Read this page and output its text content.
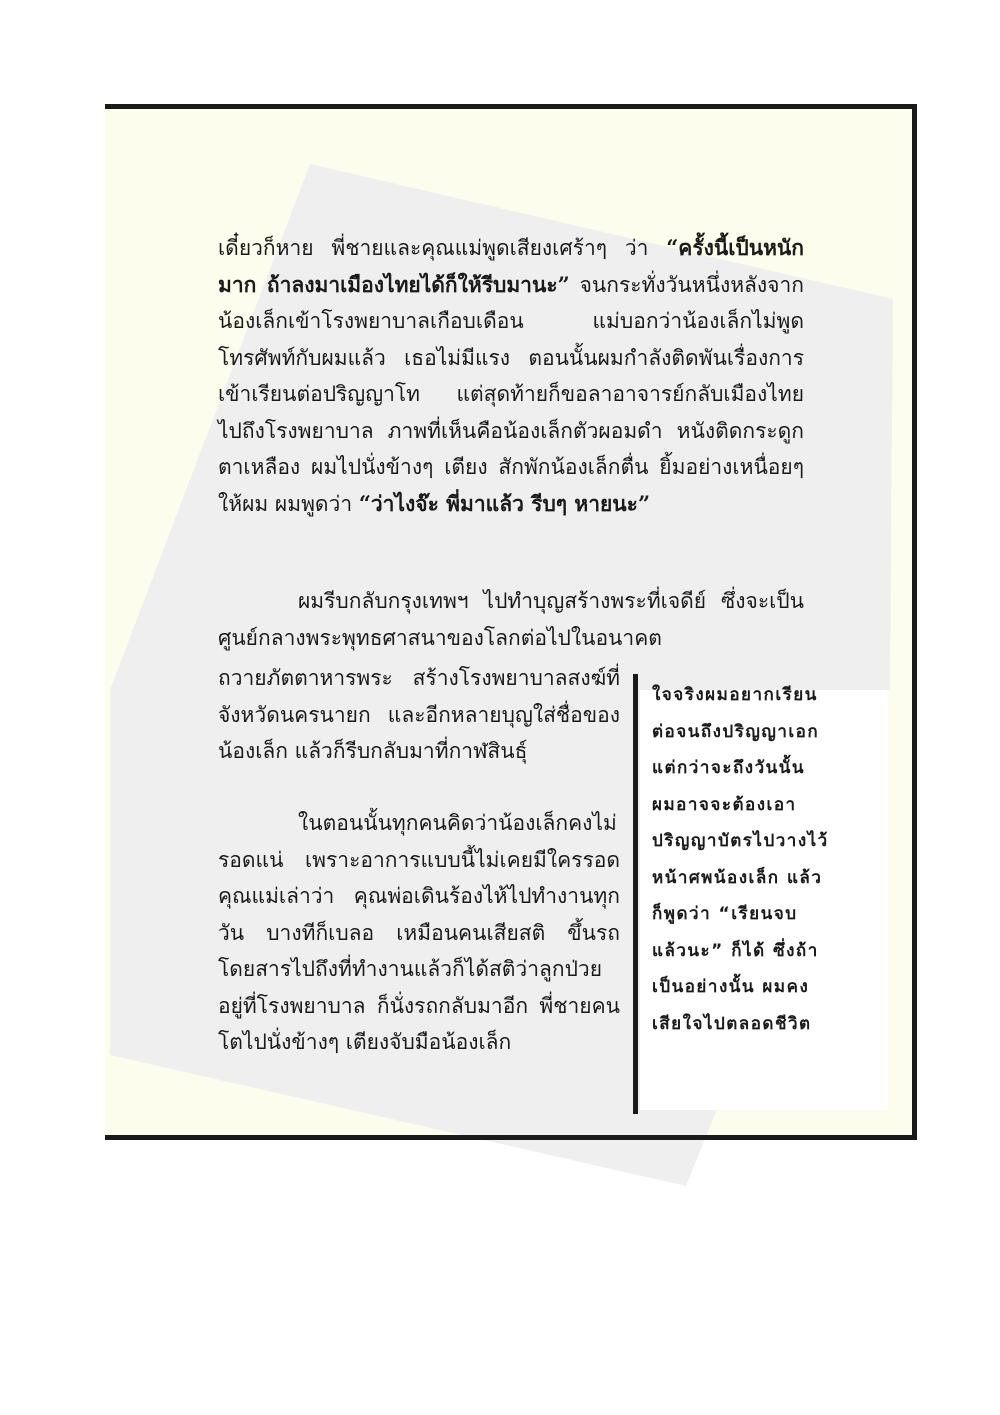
เดี๋ยวก็หาย พี่ชายและคุณแม่พูดเสียงเศร้าๆ ว่า “ครั้งนี้เป็นหนักมาก ถ้าลงมาเมืองไทยได้ก็ให้รีบมานะ” จนกระทั่งวันหนึ่งหลังจากน้องเล็กเข้าโรงพยาบาลเกือบเดือน แม่บอกว่าน้องเล็กไม่พูดโทรศัพท์กับผมแล้ว เธอไม่มีแรง ตอนนั้นผมกำลังติดพันเรื่องการเข้าเรียนต่อปริญญาโท แต่สุดท้ายก็ขอลาอาจารย์กลับเมืองไทย ไปถึงโรงพยาบาล ภาพที่เห็นคือน้องเล็กตัวผอมดำ หนังติดกระดูก ตาเหลือง ผมไปนั่งข้างๆ เตียง สักพักน้องเล็กตื่น ยิ้มอย่างเหนื่อยๆ ให้ผม ผมพูดว่า “ว่าไงจ๊ะ พี่มาแล้ว รีบๆ หายนะ”

ผมรีบกลับกรุงเทพฯ ไปทำบุญสร้างพระที่เจดีย์ ซึ่งจะเป็นศูนย์กลางพระพุทธศาสนาของโลกต่อไปในอนาคต

ถวายภัตตาหารพระ สร้างโรงพยาบาลสงฆ์ที่จังหวัดนครนายก และอีกหลายบุญใส่ชื่อของน้องเล็ก แล้วก็รีบกลับมาที่กาฬสินธุ์

ในตอนนั้นทุกคนคิดว่าน้องเล็กคงไม่รอดแน่ เพราะอาการแบบนี้ไม่เคยมีใครรอด คุณแม่เล่าว่า คุณพ่อเดินร้องไห้ไปทำงานทุกวัน บางทีก็เบลอ เหมือนคนเสียสติ ขึ้นรถโดยสารไปถึงที่ทำงานแล้วก็ได้สติว่าลูกป่วยอยู่ที่โรงพยาบาล ก็นั่งรถกลับมาอีก พี่ชายคนโตไปนั่งข้างๆ เตียงจับมือน้องเล็ก

ใจจริงผมอยากเรียนต่อจนถึงปริญญาเอก แต่กว่าจะถึงวันนั้น ผมอาจจะต้องเอาปริญญาบัตรไปวางไว้หน้าศพน้องเล็ก แล้วก็พูดว่า “เรียนจบแล้วนะ” ก็ได้ ซึ่งถ้าเป็นอย่างนั้น ผมคงเสียใจไปตลอดชีวิต
